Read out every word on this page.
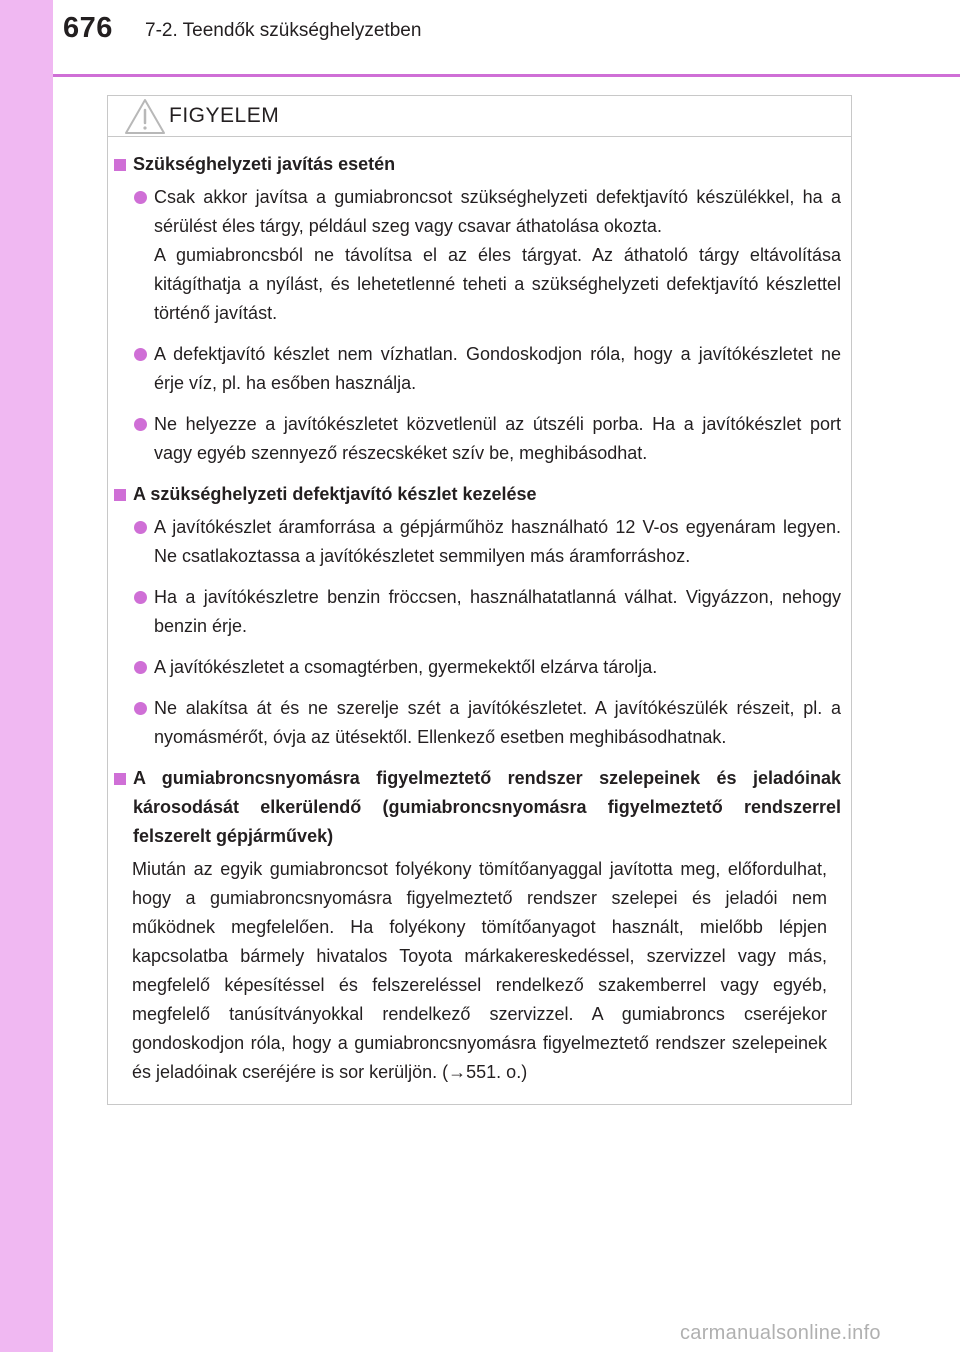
676 7-2. Teendők szükséghelyzetben
FIGYELEM
Szükséghelyzeti javítás esetén

Csak akkor javítsa a gumiabroncsot szükséghelyzeti defektjavító készülékkel, ha a sérülést éles tárgy, például szeg vagy csavar áthatolása okozta.

A gumiabroncsból ne távolítsa el az éles tárgyat. Az áthatoló tárgy eltávolítása kitágíthatja a nyílást, és lehetetlenné teheti a szükséghelyzeti defektjavító készlettel történő javítást.

A defektjavító készlet nem vízhatlan. Gondoskodjon róla, hogy a javítókészletet ne érje víz, pl. ha esőben használja.

Ne helyezze a javítókészletet közvetlenül az útszéli porba. Ha a javítókészlet port vagy egyéb szennyező részecskéket szív be, meghibásodhat.

A szükséghelyzeti defektjavító készlet kezelése

A javítókészlet áramforrása a gépjárműhöz használható 12 V-os egyenáram legyen. Ne csatlakoztassa a javítókészletet semmilyen más áramforráshoz.

Ha a javítókészletre benzin fröccsen, használhatatlanná válhat. Vigyázzon, nehogy benzin érje.

A javítókészletet a csomagtérben, gyermekektől elzárva tárolja.

Ne alakítsa át és ne szerelje szét a javítókészletet. A javítókészülék részeit, pl. a nyomásmérőt, óvja az ütésektől. Ellenkező esetben meghibásodhatnak.

A gumiabroncsnyomásra figyelmeztető rendszer szelepeinek és jeladóinak károsodását elkerülendő (gumiabroncsnyomásra figyelmeztető rendszerrel felszerelt gépjárművek)
Miután az egyik gumiabroncsot folyékony tömítőanyaggal javította meg, előfordulhat, hogy a gumiabroncsnyomásra figyelmeztető rendszer szelepei és jeladói nem működnek megfelelően. Ha folyékony tömítőanyagot használt, mielőbb lépjen kapcsolatba bármely hivatalos Toyota márkakereskedéssel, szervizzel vagy más, megfelelő képesítéssel és felszereléssel rendelkező szakemberrel vagy egyéb, megfelelő tanúsítványokkal rendelkező szervizzel. A gumiabroncs cseréjekor gondoskodjon róla, hogy a gumiabroncsnyomásra figyelmeztető rendszer szelepeinek és jeladóinak cseréjére is sor kerüljön. (→551. o.)
carmanualsonline.info
